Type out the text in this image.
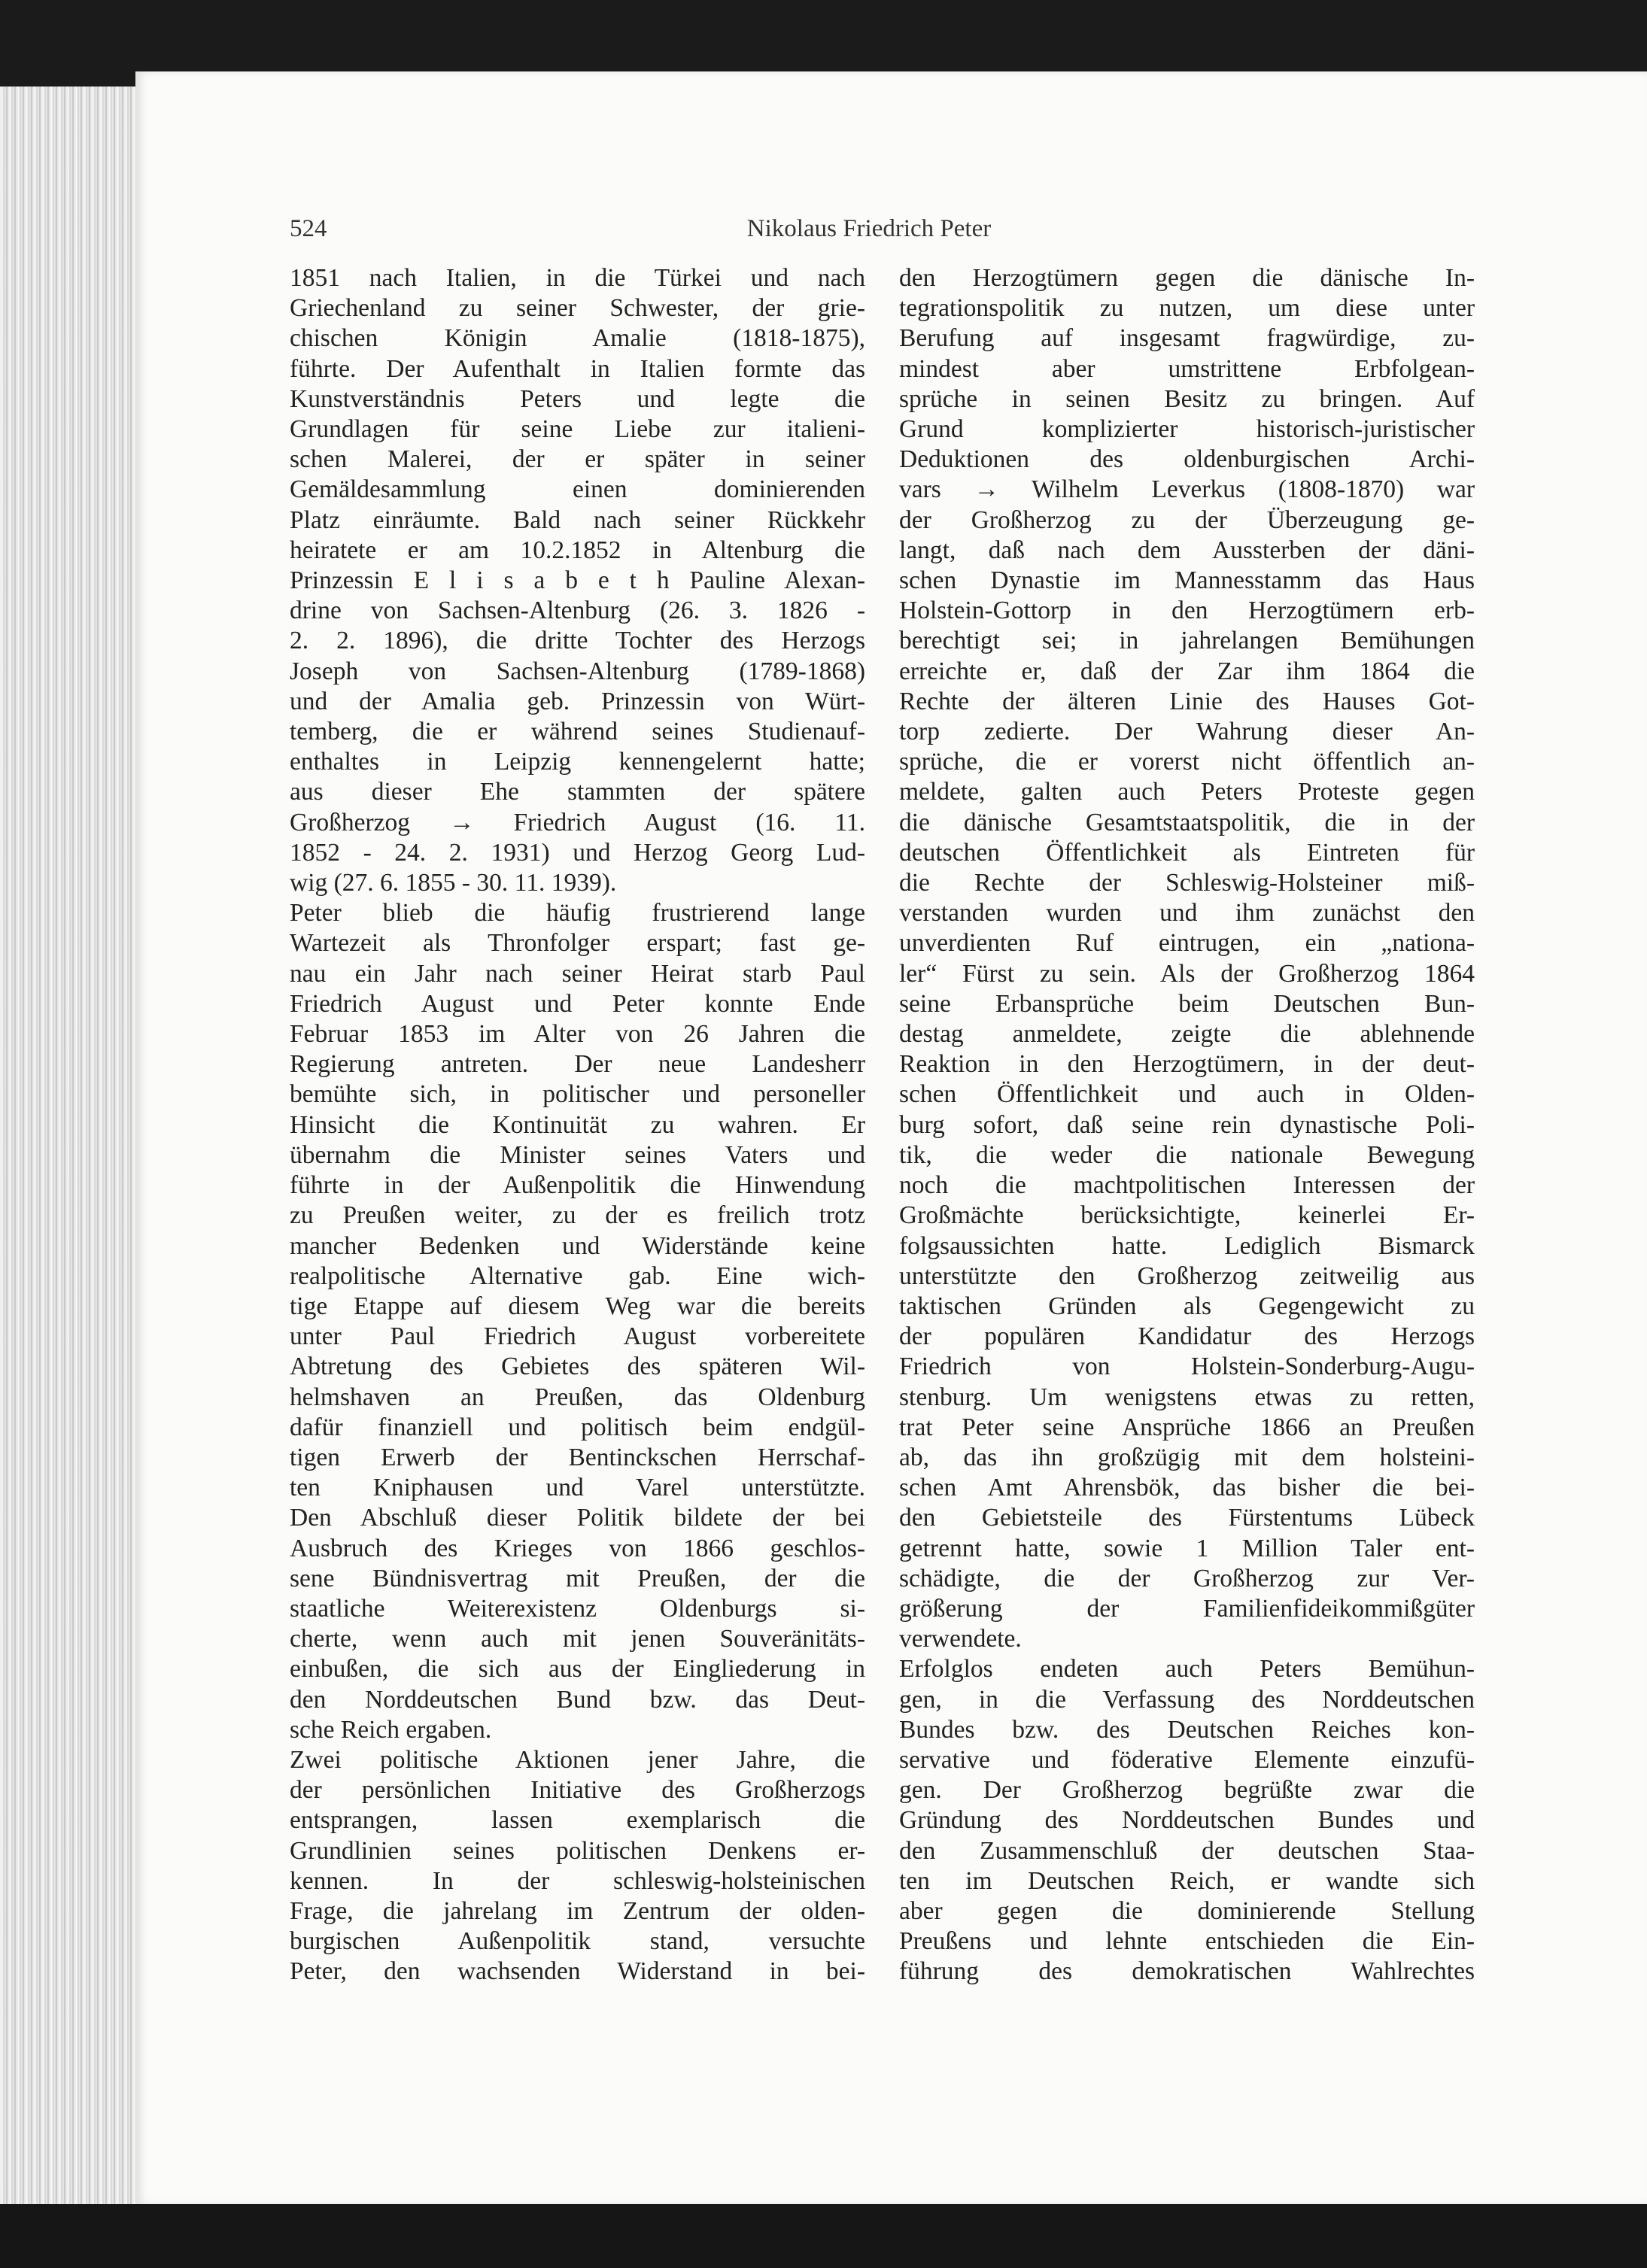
524	Nikolaus Friedrich Peter
1851 nach Italien, in die Türkei und nach
Griechenland zu seiner Schwester, der grie-
chischen Königin Amalie (1818-1875),
führte. Der Aufenthalt in Italien formte das
Kunstverständnis Peters und legte die
Grundlagen für seine Liebe zur italieni-
schen Malerei, der er später in seiner
Gemäldesammlung einen dominierenden
Platz einräumte. Bald nach seiner Rückkehr
heiratete er am 10.2.1852 in Altenburg die
Prinzessin E l i s a b e t h Pauline Alexan-
drine von Sachsen-Altenburg (26. 3. 1826 -
2. 2. 1896), die dritte Tochter des Herzogs
Joseph von Sachsen-Altenburg (1789-1868)
und der Amalia geb. Prinzessin von Würt-
temberg, die er während seines Studienauf-
enthaltes in Leipzig kennengelernt hatte;
aus dieser Ehe stammten der spätere
Großherzog → Friedrich August (16. 11.
1852 - 24. 2. 1931) und Herzog Georg Lud-
wig (27. 6. 1855 - 30. 11. 1939).
Peter blieb die häufig frustrierend lange
Wartezeit als Thronfolger erspart; fast ge-
nau ein Jahr nach seiner Heirat starb Paul
Friedrich August und Peter konnte Ende
Februar 1853 im Alter von 26 Jahren die
Regierung antreten. Der neue Landesherr
bemühte sich, in politischer und personeller
Hinsicht die Kontinuität zu wahren. Er
übernahm die Minister seines Vaters und
führte in der Außenpolitik die Hinwendung
zu Preußen weiter, zu der es freilich trotz
mancher Bedenken und Widerstände keine
realpolitische Alternative gab. Eine wich-
tige Etappe auf diesem Weg war die bereits
unter Paul Friedrich August vorbereitete
Abtretung des Gebietes des späteren Wil-
helmshaven an Preußen, das Oldenburg
dafür finanziell und politisch beim endgül-
tigen Erwerb der Bentinckschen Herrschaf-
ten Kniphausen und Varel unterstützte.
Den Abschluß dieser Politik bildete der bei
Ausbruch des Krieges von 1866 geschlos-
sene Bündnisvertrag mit Preußen, der die
staatliche Weiterexistenz Oldenburgs si-
cherte, wenn auch mit jenen Souveränitäts-
einbußen, die sich aus der Eingliederung in
den Norddeutschen Bund bzw. das Deut-
sche Reich ergaben.
Zwei politische Aktionen jener Jahre, die
der persönlichen Initiative des Großherzogs
entsprangen, lassen exemplarisch die
Grundlinien seines politischen Denkens er-
kennen. In der schleswig-holsteinischen
Frage, die jahrelang im Zentrum der olden-
burgischen Außenpolitik stand, versuchte
Peter, den wachsenden Widerstand in bei-
den Herzogtümern gegen die dänische In-
tegrationspolitik zu nutzen, um diese unter
Berufung auf insgesamt fragwürdige, zu-
mindest aber umstrittene Erbfolgean-
sprüche in seinen Besitz zu bringen. Auf
Grund komplizierter historisch-juristischer
Deduktionen des oldenburgischen Archi-
vars → Wilhelm Leverkus (1808-1870) war
der Großherzog zu der Überzeugung ge-
langt, daß nach dem Aussterben der däni-
schen Dynastie im Mannesstamm das Haus
Holstein-Gottorp in den Herzogtümern erb-
berechtigt sei; in jahrelangen Bemühungen
erreichte er, daß der Zar ihm 1864 die
Rechte der älteren Linie des Hauses Got-
torp zedierte. Der Wahrung dieser An-
sprüche, die er vorerst nicht öffentlich an-
meldete, galten auch Peters Proteste gegen
die dänische Gesamtstaatspolitik, die in der
deutschen Öffentlichkeit als Eintreten für
die Rechte der Schleswig-Holsteiner miß-
verstanden wurden und ihm zunächst den
unverdienten Ruf eintrugen, ein „nationa-
ler“ Fürst zu sein. Als der Großherzog 1864
seine Erbansprüche beim Deutschen Bun-
destag anmeldete, zeigte die ablehnende
Reaktion in den Herzogtümern, in der deut-
schen Öffentlichkeit und auch in Olden-
burg sofort, daß seine rein dynastische Poli-
tik, die weder die nationale Bewegung
noch die machtpolitischen Interessen der
Großmächte berücksichtigte, keinerlei Er-
folgsaussichten hatte. Lediglich Bismarck
unterstützte den Großherzog zeitweilig aus
taktischen Gründen als Gegengewicht zu
der populären Kandidatur des Herzogs
Friedrich von Holstein-Sonderburg-Augu-
stenburg. Um wenigstens etwas zu retten,
trat Peter seine Ansprüche 1866 an Preußen
ab, das ihn großzügig mit dem holsteini-
schen Amt Ahrensbök, das bisher die bei-
den Gebietsteile des Fürstentums Lübeck
getrennt hatte, sowie 1 Million Taler ent-
schädigte, die der Großherzog zur Ver-
größerung der Familienfideikommißgüter
verwendete.
Erfolglos endeten auch Peters Bemühun-
gen, in die Verfassung des Norddeutschen
Bundes bzw. des Deutschen Reiches kon-
servative und föderative Elemente einzufü-
gen. Der Großherzog begrüßte zwar die
Gründung des Norddeutschen Bundes und
den Zusammenschluß der deutschen Staa-
ten im Deutschen Reich, er wandte sich
aber gegen die dominierende Stellung
Preußens und lehnte entschieden die Ein-
führung des demokratischen Wahlrechtes
